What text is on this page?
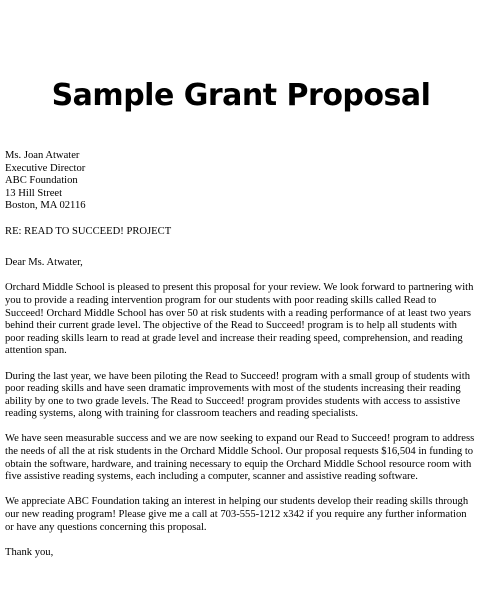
Sample Grant Proposal

Ms. Joan Atwater
Executive Director
ABC Foundation
13 Hill Street
Boston, MA 02116

RE: READ TO SUCCEED! PROJECT

Dear Ms. Atwater,

Orchard Middle School is pleased to present this proposal for your review. We look forward to partnering with you to provide a reading intervention program for our students with poor reading skills called Read to Succeed! Orchard Middle School has over 50 at risk students with a reading performance of at least two years behind their current grade level. The objective of the Read to Succeed! program is to help all students with poor reading skills learn to read at grade level and increase their reading speed, comprehension, and reading attention span.

During the last year, we have been piloting the Read to Succeed! program with a small group of students with poor reading skills and have seen dramatic improvements with most of the students increasing their reading ability by one to two grade levels. The Read to Succeed! program provides students with access to assistive reading systems, along with training for classroom teachers and reading specialists.

We have seen measurable success and we are now seeking to expand our Read to Succeed! program to address the needs of all the at risk students in the Orchard Middle School. Our proposal requests $16,504 in funding to obtain the software, hardware, and training necessary to equip the Orchard Middle School resource room with five assistive reading systems, each including a computer, scanner and assistive reading software.

We appreciate ABC Foundation taking an interest in helping our students develop their reading skills through our new reading program! Please give me a call at 703-555-1212 x342 if you require any further information or have any questions concerning this proposal.

Thank you,
